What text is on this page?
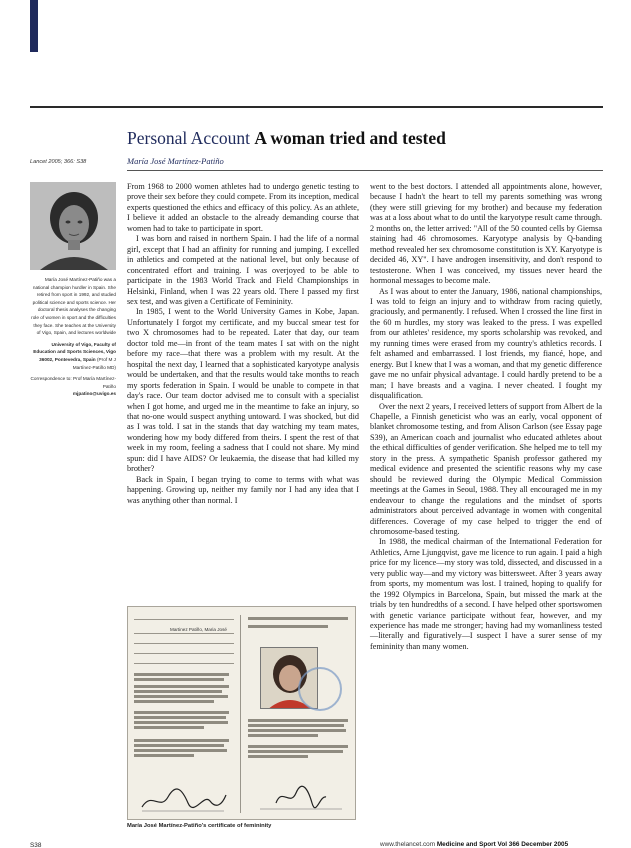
Personal Account A woman tried and tested
Lancet 2005; 366: S38	María José Martínez-Patiño

María José Martínez-Patiño was a national champion hurdler in Spain. She retired from sport in 1992, and studied political science and sports science. Her doctoral thesis analyses the changing role of women in sport and the difficulties they face. She teaches at the University of Vigo, Spain, and lectures worldwide

University of Vigo, Faculty of Education and Sports Sciences, Vigo 36002, Pontevedra, Spain (Prof M J Martínez-Patiño MD)

Correspondence to: Prof María Martínez-Patiño
mjpatino@uvigo.es

From 1968 to 2000 women athletes had to undergo genetic testing to prove their sex before they could compete. From its inception, medical experts questioned the ethics and efficacy of this policy. As an athlete, I believe it added an obstacle to the already demanding course that women had to take to participate in sport.

I was born and raised in northern Spain. I had the life of a normal girl, except that I had an affinity for running and jumping. I excelled in athletics and competed at the national level, but only because of concentrated effort and training. I was overjoyed to be able to participate in the 1983 World Track and Field Championships in Helsinki, Finland, when I was 22 years old. There I passed my first sex test, and was given a Certificate of Femininity.

In 1985, I went to the World University Games in Kobe, Japan. Unfortunately I forgot my certificate, and my buccal smear test for two X chromosomes had to be repeated. Later that day, our team doctor told me—in front of the team mates I sat with on the night before my race—that there was a problem with my result. At the hospital the next day, I learned that a sophisticated karyotype analysis would be undertaken, and that the results would take months to reach my sports federation in Spain. I would be unable to compete in that day's race. Our team doctor advised me to consult with a specialist when I got home, and urged me in the meantime to fake an injury, so that no-one would suspect anything untoward. I was shocked, but did as I was told. I sat in the stands that day watching my team mates, wondering how my body differed from theirs. I spent the rest of that week in my room, feeling a sadness that I could not share. My mind spun: did I have AIDS? Or leukaemia, the disease that had killed my brother?

Back in Spain, I began trying to come to terms with what was happening. Growing up, neither my family nor I had any idea that I was anything other than normal. I

went to the best doctors. I attended all appointments alone, however, because I hadn't the heart to tell my parents something was wrong (they were still grieving for my brother) and because my federation was at a loss about what to do until the karyotype result came through. 2 months on, the letter arrived: "All of the 50 counted cells by Giemsa staining had 46 chromosomes. Karyotype analysis by Q-banding method revealed her sex chromosome constitution is XY. Karyotype is decided 46, XY". I have androgen insensitivity, and don't respond to testosterone. When I was conceived, my tissues never heard the hormonal messages to become male.

As I was about to enter the January, 1986, national championships, I was told to feign an injury and to withdraw from racing quietly, graciously, and permanently. I refused. When I crossed the line first in the 60 m hurdles, my story was leaked to the press. I was expelled from our athletes' residence, my sports scholarship was revoked, and my running times were erased from my country's athletics records. I felt ashamed and embarrassed. I lost friends, my fiancé, hope, and energy. But I knew that I was a woman, and that my genetic difference gave me no unfair physical advantage. I could hardly pretend to be a man; I have breasts and a vagina. I never cheated. I fought my disqualification.

Over the next 2 years, I received letters of support from Albert de la Chapelle, a Finnish geneticist who was an early, vocal opponent of blanket chromosome testing, and from Alison Carlson (see Essay page S39), an American coach and journalist who educated athletes about the ethical difficulties of gender verification. She helped me to tell my story in the press. A sympathetic Spanish professor gathered my medical evidence and presented the scientific reasons why my case should be reviewed during the Olympic Medical Commission meetings at the Games in Seoul, 1988. They all encouraged me in my endeavour to change the regulations and the mindset of sports administrators about perceived advantage in women with congenital differences. Coverage of my case helped to trigger the end of chromosome-based testing.

In 1988, the medical chairman of the International Federation for Athletics, Arne Ljungqvist, gave me licence to run again. I paid a high price for my licence—my story was told, dissected, and discussed in a very public way—and my victory was bittersweet. After 3 years away from sports, my momentum was lost. I trained, hoping to qualify for the 1992 Olympics in Barcelona, Spain, but missed the mark at the trials by ten hundredths of a second. I have helped other sportswomen with genetic variance participate without fear, however, and my experience has made me stronger; having had my womanliness tested—literally and figuratively—I suspect I have a surer sense of my femininity than many women.

Martinez Patiño, Maria José
María José Martínez-Patiño's certificate of femininity
S38	www.thelancet.com Medicine and Sport Vol 366 December 2005
